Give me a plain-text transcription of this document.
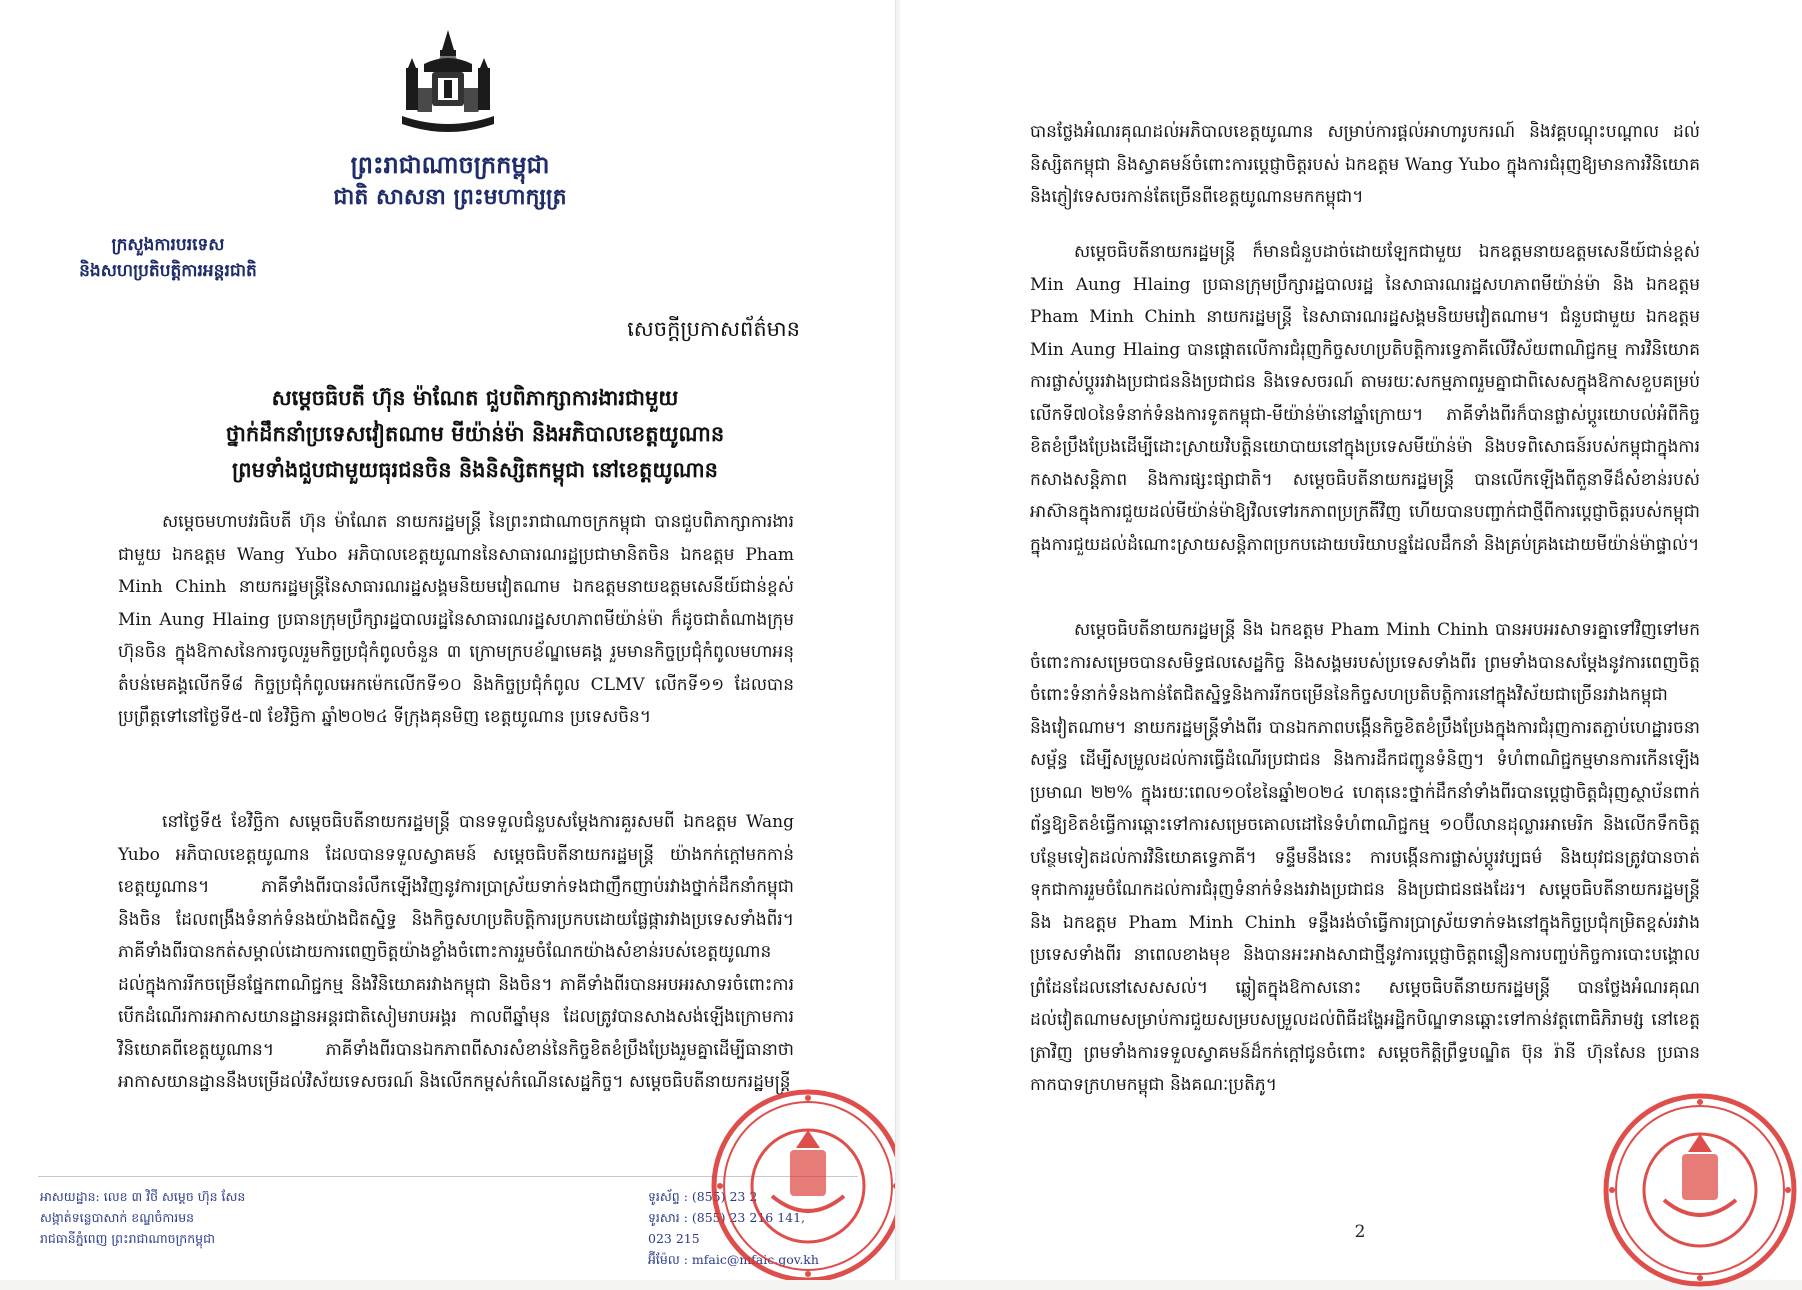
ព្រះរាជាណាចក្រកម្ពុជា
ជាតិ សាសនា ព្រះមហាក្សត្រ
ក្រសួងការបរទេស
និងសហប្រតិបត្តិការអន្តរជាតិ
សេចក្តីប្រកាសព័ត៌មាន
សម្តេចធិបតី ហ៊ុន ម៉ាណែត ជួបពិភាក្សាការងារជាមួយ
ថ្នាក់ដឹកនាំប្រទេសវៀតណាម មីយ៉ាន់ម៉ា និងអភិបាលខេត្តយូណាន
ព្រមទាំងជួបជាមួយធុរជនចិន និងនិស្សិតកម្ពុជា នៅខេត្តយូណាន
សម្តេចមហាបវរធិបតី ហ៊ុន ម៉ាណែត នាយករដ្ឋមន្ត្រី នៃព្រះរាជាណាចក្រកម្ពុជា បានជួបពិភាក្សាការងារជាមួយ ឯកឧត្តម Wang Yubo អភិបាលខេត្តយូណាននៃសាធារណរដ្ឋប្រជាមានិតចិន ឯកឧត្តម Pham Minh Chinh នាយករដ្ឋមន្ត្រីនៃសាធារណរដ្ឋសង្គមនិយមវៀតណាម ឯកឧត្តមនាយឧត្តមសេនីយ៍ជាន់ខ្ពស់ Min Aung Hlaing ប្រធានក្រុមប្រឹក្សារដ្ឋបាលរដ្ឋនៃសាធារណរដ្ឋសហភាពមីយ៉ាន់ម៉ា ក៏ដូចជាតំណាងក្រុមហ៊ុនចិន ក្នុងឱកាសនៃការចូលរួមកិច្ចប្រជុំកំពូលចំនួន ៣ ក្រោមក្របខ័ណ្ឌមេគង្គ រួមមានកិច្ចប្រជុំកំពូលមហាអនុតំបន់មេគង្គលើកទី៨ កិច្ចប្រជុំកំពូលអេកម៉េកលើកទី១០ និងកិច្ចប្រជុំកំពូល CLMV លើកទី១១ ដែលបានប្រព្រឹត្តទៅនៅថ្ងៃទី៥-៧ ខែវិច្ឆិកា ឆ្នាំ២០២៤ ទីក្រុងគុនមិញ ខេត្តយូណាន ប្រទេសចិន។
នៅថ្ងៃទី៥ ខែវិច្ឆិកា សម្តេចធិបតីនាយករដ្ឋមន្ត្រី បានទទួលជំនួបសម្តែងការគួរសមពី ឯកឧត្តម Wang Yubo អភិបាលខេត្តយូណាន ដែលបានទទួលស្វាគមន៍ សម្តេចធិបតីនាយករដ្ឋមន្ត្រី យ៉ាងកក់ក្តៅមកកាន់ខេត្តយូណាន។ ភាគីទាំងពីរបានរំលឹកឡើងវិញនូវការប្រាស្រ័យទាក់ទងជាញឹកញាប់រវាងថ្នាក់ដឹកនាំកម្ពុជា និងចិន ដែលពង្រឹងទំនាក់ទំនងយ៉ាងជិតស្និទ្ធ និងកិច្ចសហប្រតិបត្តិការប្រកបដោយផ្លែផ្ការវាងប្រទេសទាំងពីរ។ ភាគីទាំងពីរបានកត់សម្គាល់ដោយការពេញចិត្តយ៉ាងខ្លាំងចំពោះការរួមចំណែកយ៉ាងសំខាន់របស់ខេត្តយូណាន ដល់ក្នុងការរីកចម្រើនផ្នែកពាណិជ្ជកម្ម និងវិនិយោគរវាងកម្ពុជា និងចិន។ ភាគីទាំងពីរបានអបអរសាទរចំពោះការបើកដំណើរការអាកាសយានដ្ឋានអន្តរជាតិសៀមរាបអង្គរ កាលពីឆ្នាំមុន ដែលត្រូវបានសាងសង់ឡើងក្រោមការវិនិយោគពីខេត្តយូណាន។ ភាគីទាំងពីរបានឯកភាពពីសារសំខាន់នៃកិច្ចខិតខំប្រឹងប្រែងរួមគ្នាដើម្បីធានាថាអាកាសយានដ្ឋាននឹងបម្រើដល់វិស័យទេសចរណ៍ និងលើកកម្ពស់កំណើនសេដ្ឋកិច្ច។ សម្តេចធិបតីនាយករដ្ឋមន្ត្រី
អាសយដ្ឋាន: លេខ ៣ វិថី សម្តេច ហ៊ុន សែន
សង្កាត់ទន្លេបាសាក់ ខណ្ឌចំការមន
រាជធានីភ្នំពេញ ព្រះរាជាណាចក្រកម្ពុជា
ទូរស័ព្ទ : (855) 23 2
ទូរសារ : (855) 23 216 141, 023 215
អ៊ីម៉ែល : mfaic@mfaic.gov.kh
បានថ្លែងអំណរគុណដល់អភិបាលខេត្តយូណាន សម្រាប់ការផ្តល់អាហារូបករណ៍ និងវគ្គបណ្តុះបណ្តាល ដល់និស្សិតកម្ពុជា និងស្វាគមន៍ចំពោះការប្តេជ្ញាចិត្តរបស់ ឯកឧត្តម Wang Yubo ក្នុងការជំរុញឱ្យមានការវិនិយោគ និងភ្ញៀវទេសចរកាន់តែច្រើនពីខេត្តយូណានមកកម្ពុជា។
សម្តេចធិបតីនាយករដ្ឋមន្ត្រី ក៏មានជំនួបដាច់ដោយឡែកជាមួយ ឯកឧត្តមនាយឧត្តមសេនីយ៍ជាន់ខ្ពស់ Min Aung Hlaing ប្រធានក្រុមប្រឹក្សារដ្ឋបាលរដ្ឋ នៃសាធារណរដ្ឋសហភាពមីយ៉ាន់ម៉ា និង ឯកឧត្តម Pham Minh Chinh នាយករដ្ឋមន្ត្រី នៃសាធារណរដ្ឋសង្គមនិយមវៀតណាម។ ជំនួបជាមួយ ឯកឧត្តម Min Aung Hlaing បានផ្តោតលើការជំរុញកិច្ចសហប្រតិបត្តិការទ្វេភាគីលើវិស័យពាណិជ្ជកម្ម ការវិនិយោគ ការផ្លាស់ប្តូររវាងប្រជាជននិងប្រជាជន និងទេសចរណ៍ តាមរយៈសកម្មភាពរួមគ្នាជាពិសេសក្នុងឱកាសខួបគម្រប់លើកទី៧០នៃទំនាក់ទំនងការទូតកម្ពុជា-មីយ៉ាន់ម៉ានៅឆ្នាំក្រោយ។ ភាគីទាំងពីរក៏បានផ្លាស់ប្តូរយោបល់អំពីកិច្ចខិតខំប្រឹងប្រែងដើម្បីដោះស្រាយវិបត្តិនយោបាយនៅក្នុងប្រទេសមីយ៉ាន់ម៉ា និងបទពិសោធន៍របស់កម្ពុជាក្នុងការកសាងសន្តិភាព និងការផ្សះផ្សាជាតិ។ សម្តេចធិបតីនាយករដ្ឋមន្ត្រី បានលើកឡើងពីតួនាទីដ៏សំខាន់របស់អាស៊ានក្នុងការជួយដល់មីយ៉ាន់ម៉ាឱ្យវិលទៅរកភាពប្រក្រតីវិញ ហើយបានបញ្ជាក់ជាថ្មីពីការប្តេជ្ញាចិត្តរបស់កម្ពុជាក្នុងការជួយដល់ដំណោះស្រាយសន្តិភាពប្រកបដោយបរិយាបន្នដែលដឹកនាំ និងគ្រប់គ្រងដោយមីយ៉ាន់ម៉ាផ្ទាល់។
សម្តេចធិបតីនាយករដ្ឋមន្ត្រី និង ឯកឧត្តម Pham Minh Chinh បានអបអរសាទរគ្នាទៅវិញទៅមកចំពោះការសម្រេចបានសមិទ្ធផលសេដ្ឋកិច្ច និងសង្គមរបស់ប្រទេសទាំងពីរ ព្រមទាំងបានសម្តែងនូវការពេញចិត្តចំពោះទំនាក់ទំនងកាន់តែជិតស្និទ្ធនិងការរីកចម្រើននៃកិច្ចសហប្រតិបត្តិការនៅក្នុងវិស័យជាច្រើនរវាងកម្ពុជា និងវៀតណាម។ នាយករដ្ឋមន្ត្រីទាំងពីរ បានឯកភាពបង្កើនកិច្ចខិតខំប្រឹងប្រែងក្នុងការជំរុញការតភ្ជាប់ហេដ្ឋារចនាសម្ព័ន្ធ ដើម្បីសម្រួលដល់ការធ្វើដំណើរប្រជាជន និងការដឹកជញ្ជូនទំនិញ។ ទំហំពាណិជ្ជកម្មមានការកើនឡើងប្រមាណ ២២% ក្នុងរយៈពេល១០ខែនៃឆ្នាំ២០២៤ ហេតុនេះថ្នាក់ដឹកនាំទាំងពីរបានប្តេជ្ញាចិត្តជំរុញស្ថាប័នពាក់ព័ន្ធឱ្យខិតខំធ្វើការឆ្ពោះទៅការសម្រេចគោលដៅនៃទំហំពាណិជ្ជកម្ម ១០ប៊ីលានដុល្លារអាមេរិក និងលើកទឹកចិត្តបន្ថែមទៀតដល់ការវិនិយោគទ្វេភាគី។ ទន្ទឹមនឹងនេះ ការបង្កើនការផ្លាស់ប្តូរវប្បធម៌ និងយុវជនត្រូវបានចាត់ទុកជាការរួមចំណែកដល់ការជំរុញទំនាក់ទំនងរវាងប្រជាជន និងប្រជាជនផងដែរ។ សម្តេចធិបតីនាយករដ្ឋមន្ត្រី និង ឯកឧត្តម Pham Minh Chinh ទន្ទឹងរង់ចាំធ្វើការប្រាស្រ័យទាក់ទងនៅក្នុងកិច្ចប្រជុំកម្រិតខ្ពស់រវាងប្រទេសទាំងពីរ នាពេលខាងមុខ និងបានអះអាងសាជាថ្មីនូវការប្តេជ្ញាចិត្តពន្លឿនការបញ្ចប់កិច្ចការបោះបង្គោលព្រំដែនដែលនៅសេសសល់។ ឆ្លៀតក្នុងឱកាសនោះ សម្តេចធិបតីនាយករដ្ឋមន្ត្រី បានថ្លែងអំណរគុណដល់វៀតណាមសម្រាប់ការជួយសម្របសម្រួលដល់ពិធីដង្ហែអដ្ឋិកបិណ្ឌទានឆ្ពោះទៅកាន់វត្តពោធិភិរាមវ្ស នៅខេត្តត្រាវិញ ព្រមទាំងការទទួលស្វាគមន៍ដ៏កក់ក្តៅជូនចំពោះ សម្តេចកិត្តិព្រឹទ្ធបណ្ឌិត ប៊ុន រ៉ានី ហ៊ុនសែន ប្រធានកាកបាទក្រហមកម្ពុជា និងគណៈប្រតិភូ។
2
